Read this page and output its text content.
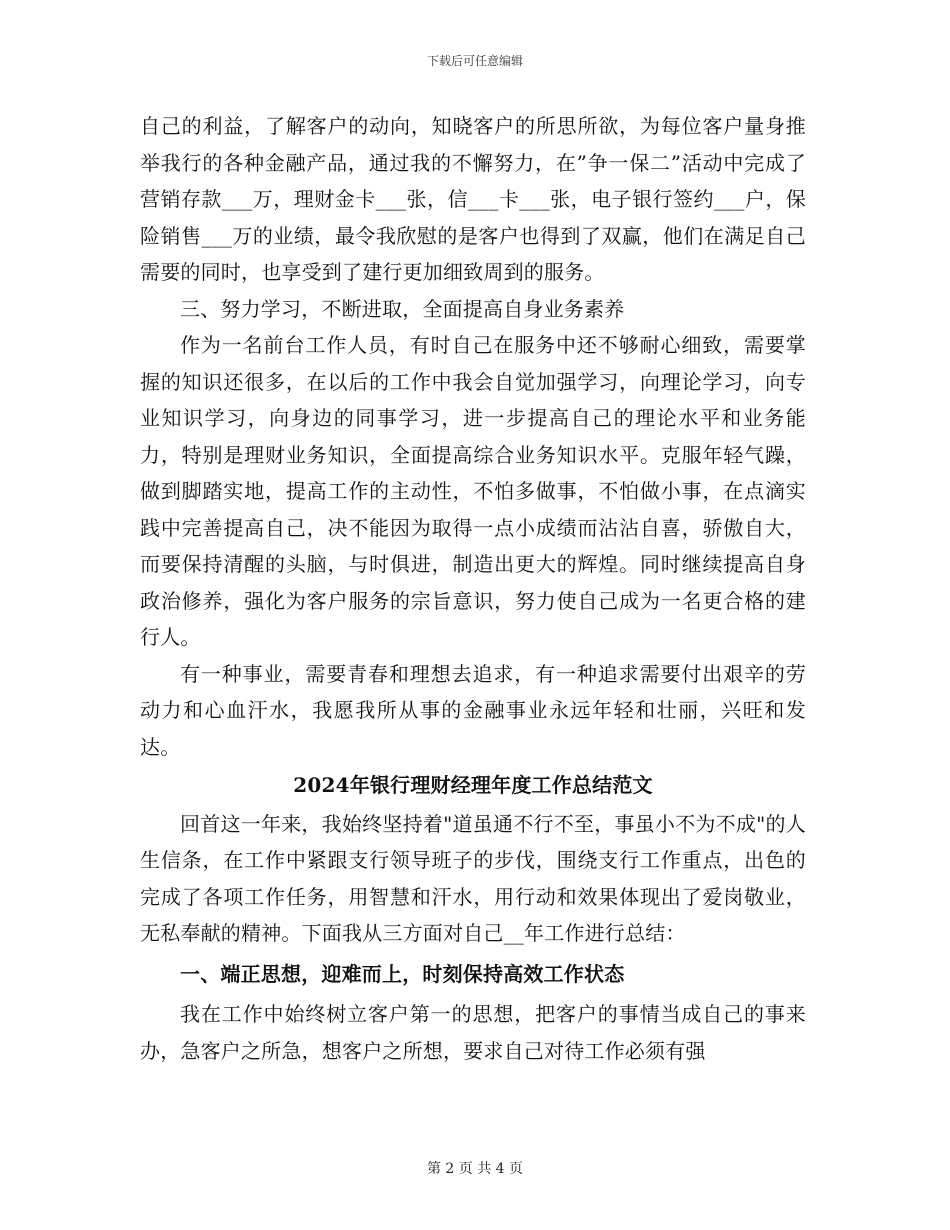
下载后可任意编辑

自己的利益，了解客户的动向，知晓客户的所思所欲，为每位客户量身推举我行的各种金融产品，通过我的不懈努力，在”争一保二”活动中完成了营销存款___万，理财金卡___张，信___卡___张，电子银行签约___户，保险销售___万的业绩，最令我欣慰的是客户也得到了双赢，他们在满足自己需要的同时，也享受到了建行更加细致周到的服务。

三、努力学习，不断进取，全面提高自身业务素养

作为一名前台工作人员，有时自己在服务中还不够耐心细致，需要掌握的知识还很多，在以后的工作中我会自觉加强学习，向理论学习，向专业知识学习，向身边的同事学习，进一步提高自己的理论水平和业务能力，特别是理财业务知识，全面提高综合业务知识水平。克服年轻气躁，做到脚踏实地，提高工作的主动性，不怕多做事，不怕做小事，在点滴实践中完善提高自己，决不能因为取得一点小成绩而沾沾自喜，骄傲自大，而要保持清醒的头脑，与时俱进，制造出更大的辉煌。同时继续提高自身政治修养，强化为客户服务的宗旨意识，努力使自己成为一名更合格的建行人。

有一种事业，需要青春和理想去追求，有一种追求需要付出艰辛的劳动力和心血汗水，我愿我所从事的金融事业永远年轻和壮丽，兴旺和发达。

2024年银行理财经理年度工作总结范文

回首这一年来，我始终坚持着"道虽通不行不至，事虽小不为不成"的人生信条，在工作中紧跟支行领导班子的步伐，围绕支行工作重点，出色的完成了各项工作任务，用智慧和汗水，用行动和效果体现出了爱岗敬业，无私奉献的精神。下面我从三方面对自己__年工作进行总结：

一、端正思想，迎难而上，时刻保持高效工作状态

我在工作中始终树立客户第一的思想，把客户的事情当成自己的事来办，急客户之所急，想客户之所想，要求自己对待工作必须有强

第 2 页 共 4 页
